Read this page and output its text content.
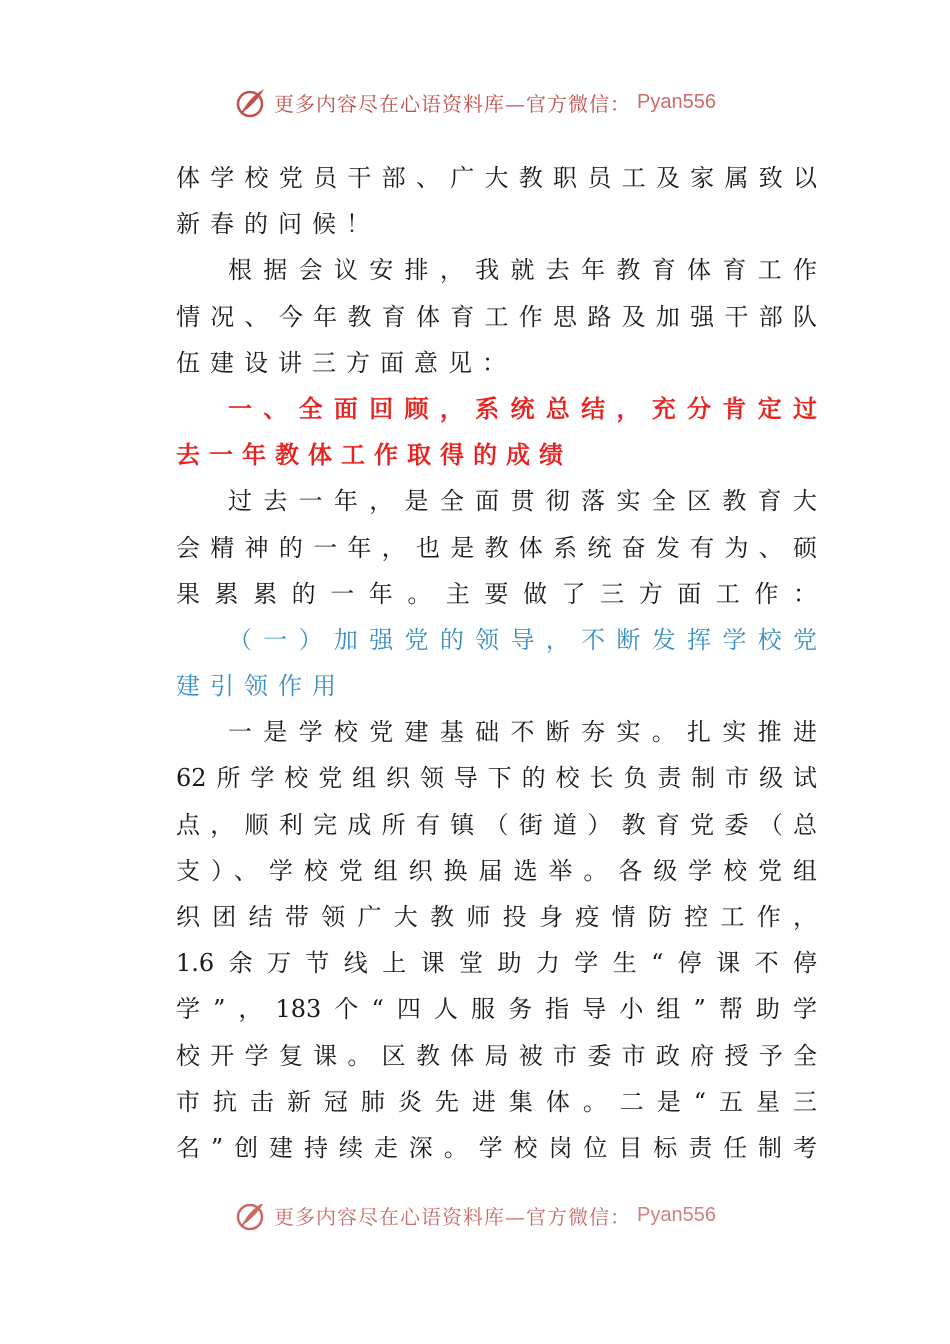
更多内容尽在心语资料库—官方微信： Pyan556
体学校党员干部、广大教职员工及家属致以
新春的问候！
根据会议安排，我就去年教育体育工作
情况、今年教育体育工作思路及加强干部队
伍建设讲三方面意见：
一、全面回顾，系统总结，充分肯定过
去一年教体工作取得的成绩
过去一年，是全面贯彻落实全区教育大
会精神的一年，也是教体系统奋发有为、硕
果累累的一年。主要做了三方面工作：
（一）加强党的领导，不断发挥学校党
建引领作用
一是学校党建基础不断夯实。扎实推进
62所学校党组织领导下的校长负责制市级试
点，顺利完成所有镇（街道）教育党委（总
支）、学校党组织换届选举。各级学校党组
织团结带领广大教师投身疫情防控工作，
1.6余万节线上课堂助力学生“停课不停
学”，183个“四人服务指导小组”帮助学
校开学复课。区教体局被市委市政府授予全
市抗击新冠肺炎先进集体。二是“五星三
名”创建持续走深。学校岗位目标责任制考
更多内容尽在心语资料库—官方微信： Pyan556
